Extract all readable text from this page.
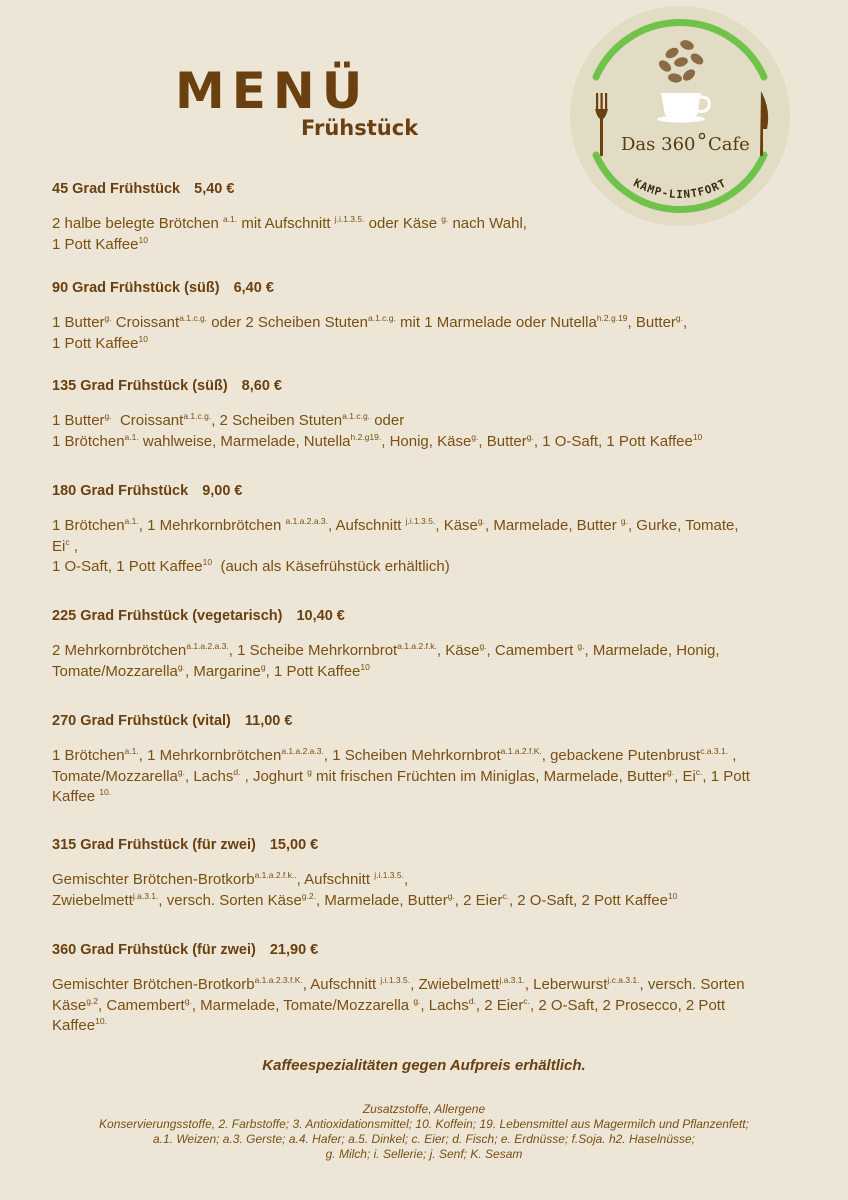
MENÜ
Frühstück
Das 360 Cafe
KAMP-LINTFORT
45 Grad Frühstück 5,40 €
2 halbe belegte Brötchen $^{a.1.}$ mit Aufschnitt $^{j.i.1.3.5.}$ oder Käse $^{g.}$ nach Wahl,
1 Pott Kaffee$^{10}$
90 Grad Frühstück (süß) 6,40 €
1 Butter$^{g.}$ Croissant$^{a.1.c.g.}$ oder 2 Scheiben Stuten$^{a.1.c.g.}$ mit 1 Marmelade oder Nutella$^{h.2.g.19}$, Butter$^{g.}$,
1 Pott Kaffee$^{10}$
135 Grad Frühstück (süß) 8,60 €
1 Butter$^{g.}$  Croissant$^{a.1.c.g.}$, 2 Scheiben Stuten$^{a.1.c.g.}$ oder
1 Brötchen$^{a.1.}$ wahlweise, Marmelade, Nutella$^{h.2.g19.}$, Honig, Käse$^{g.}$, Butter$^{g.}$, 1 O-Saft, 1 Pott Kaffee$^{10}$
180 Grad Frühstück 9,00 €
1 Brötchen$^{a.1.}$, 1 Mehrkornbrötchen $^{a.1.a.2.a.3.}$, Aufschnitt $^{j.i.1.3.5.}$, Käse$^{g.}$, Marmelade, Butter $^{g.}$, Gurke, Tomate,
Ei$^c$ ,
1 O-Saft, 1 Pott Kaffee$^{10}$  (auch als Käsefrühstück erhältlich)
225 Grad Frühstück (vegetarisch) 10,40 €
2 Mehrkornbrötchen$^{a.1.a.2.a.3.}$, 1 Scheibe Mehrkornbrot$^{a.1.a.2.f.k.}$, Käse$^{g.}$, Camembert $^{g.}$, Marmelade, Honig,
Tomate/Mozzarella$^{g.}$, Margarine$^g$, 1 Pott Kaffee$^{10}$
270 Grad Frühstück (vital) 11,00 €
1 Brötchen$^{a.1.}$, 1 Mehrkornbrötchen$^{a.1.a.2.a.3.}$, 1 Scheiben Mehrkornbrot$^{a.1.a.2.f.K.}$, gebackene Putenbrust$^{c.a.3.1.}$ ,
Tomate/Mozzarella$^{g.}$, Lachs$^{d.}$ , Joghurt $^g$ mit frischen Früchten im Miniglas, Marmelade, Butter$^{g.}$, $Ei^{c.}$, 1 Pott
Kaffee $^{10.}$
315 Grad Frühstück (für zwei) 15,00 €
Gemischter Brötchen-Brotkorb$^{a.1.a.2.f.k..}$, Aufschnitt $^{j.i.1.3.5.}$,
Zwiebelmett$^{j.a.3.1.}$, versch. Sorten Käse$^{g.2.}$, Marmelade, Butter$^{g.}$, 2 Eier$^{c.}$, 2 O-Saft, 2 Pott Kaffee$^{10}$
360 Grad Frühstück (für zwei) 21,90 €
Gemischter Brötchen-Brotkorb$^{a.1.a.2.3.f.K.}$, Aufschnitt $^{j.i.1.3.5.}$, Zwiebelmett$^{j.a.3.1.}$, Leberwurst$^{j.c.a.3.1.}$, versch. Sorten
Käse$^{g.2}$, Camembert$^{g.}$, Marmelade, Tomate/Mozzarella $^{g.}$, Lachs$^{d.}$, 2 Eier$^{c.}$, 2 O-Saft, 2 Prosecco, 2 Pott
Kaffee$^{10.}$
Kaffeespezialitäten gegen Aufpreis erhältlich.
Zusatzstoffe, Allergene
Konservierungsstoffe, 2. Farbstoffe; 3. Antioxidationsmittel; 10. Koffein; 19. Lebensmittel aus Magermilch und Pflanzenfett;
a.1. Weizen; a.3. Gerste; a.4. Hafer; a.5. Dinkel; c. Eier; d. Fisch; e. Erdnüsse; f.Soja. h2. Haselnüsse;
g. Milch; i. Sellerie; j. Senf; K. Sesam
